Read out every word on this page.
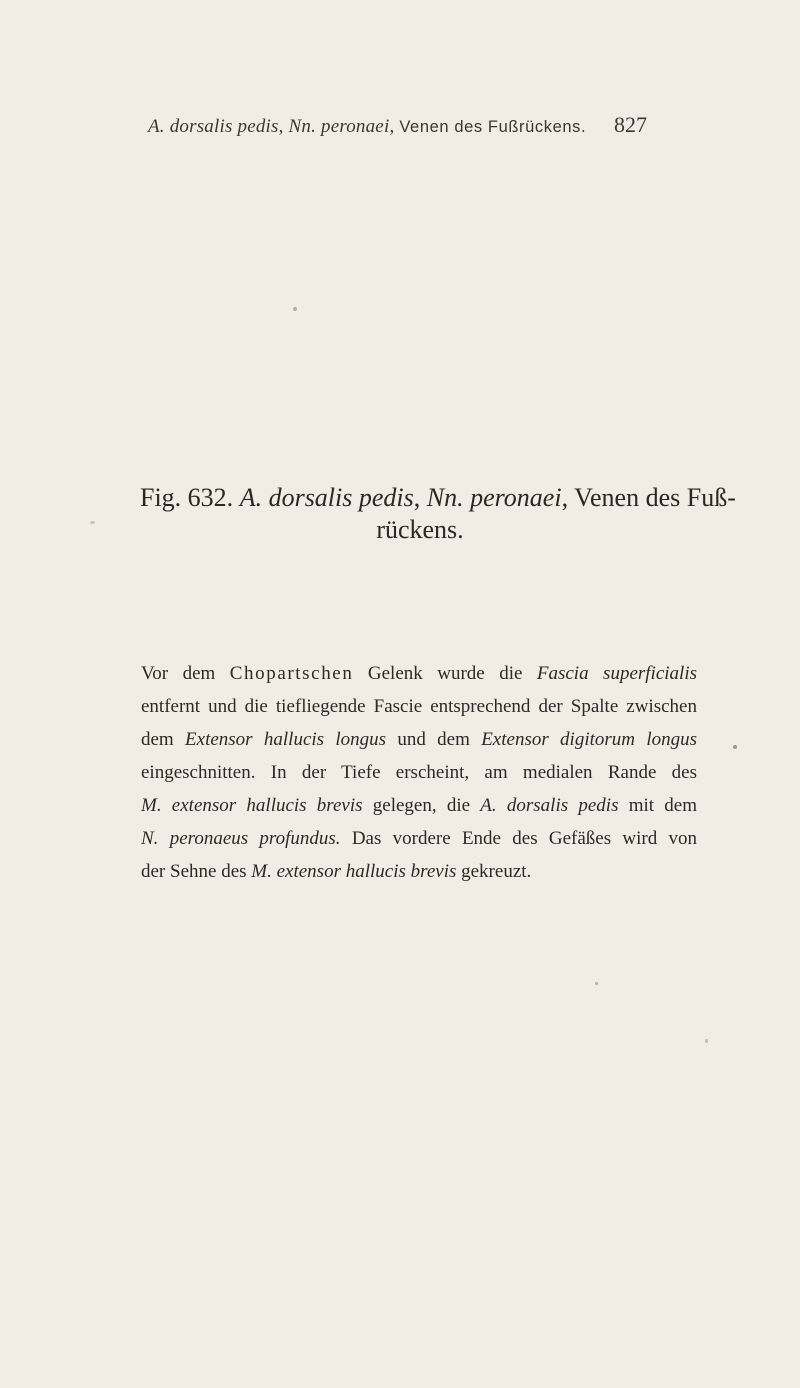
A. dorsalis pedis, Nn. peronaei, Venen des Fußrückens. 827
Fig. 632. A. dorsalis pedis, Nn. peronaei, Venen des Fuß-
rückens.
Vor dem Chopartschen Gelenk wurde die Fascia superficialis
entfernt und die tiefliegende Fascie entsprechend der Spalte zwischen
dem Extensor hallucis longus und dem Extensor digitorum longus
eingeschnitten. In der Tiefe erscheint, am medialen Rande des
M. extensor hallucis brevis gelegen, die A. dorsalis pedis mit dem
N. peronaeus profundus. Das vordere Ende des Gefäßes wird von
der Sehne des M. extensor hallucis brevis gekreuzt.
